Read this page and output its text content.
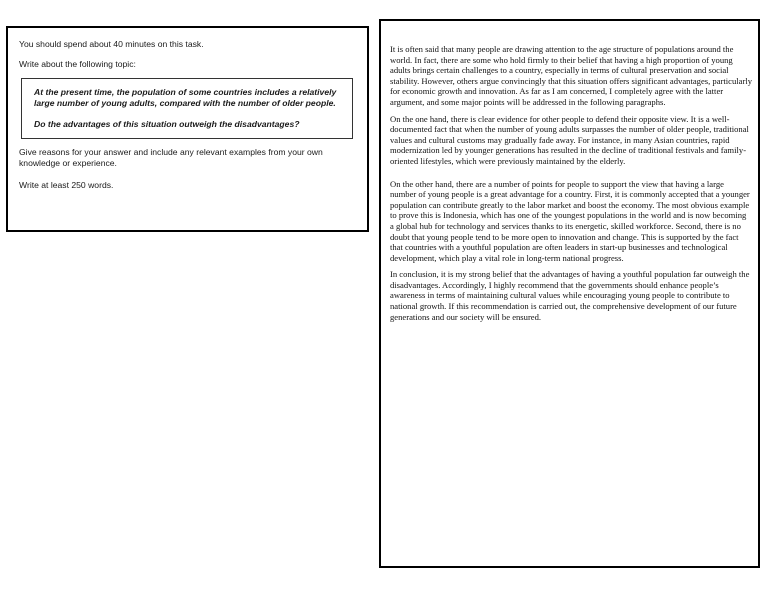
You should spend about 40 minutes on this task.

Write about the following topic:

At the present time, the population of some countries includes a relatively large number of young adults, compared with the number of older people.

Do the advantages of this situation outweigh the disadvantages?

Give reasons for your answer and include any relevant examples from your own knowledge or experience.

Write at least 250 words.

It is often said that many people are drawing attention to the age structure of populations around the world. In fact, there are some who hold firmly to their belief that having a high proportion of young adults brings certain challenges to a country, especially in terms of cultural preservation and social stability. However, others argue convincingly that this situation offers significant advantages, particularly for economic growth and innovation. As far as I am concerned, I completely agree with the latter argument, and some major points will be addressed in the following paragraphs.

On the one hand, there is clear evidence for other people to defend their opposite view. It is a well-documented fact that when the number of young adults surpasses the number of older people, traditional values and cultural customs may gradually fade away. For instance, in many Asian countries, rapid modernization led by younger generations has resulted in the decline of traditional festivals and family-oriented lifestyles, which were previously maintained by the elderly.

On the other hand, there are a number of points for people to support the view that having a large number of young people is a great advantage for a country. First, it is commonly accepted that a younger population can contribute greatly to the labor market and boost the economy. The most obvious example to prove this is Indonesia, which has one of the youngest populations in the world and is now becoming a global hub for technology and services thanks to its energetic, skilled workforce. Second, there is no doubt that young people tend to be more open to innovation and change. This is supported by the fact that countries with a youthful population are often leaders in start-up businesses and technological development, which play a vital role in long-term national progress.

In conclusion, it is my strong belief that the advantages of having a youthful population far outweigh the disadvantages. Accordingly, I highly recommend that the governments should enhance people’s awareness in terms of maintaining cultural values while encouraging young people to contribute to national growth. If this recommendation is carried out, the comprehensive development of our future generations and our society will be ensured.
